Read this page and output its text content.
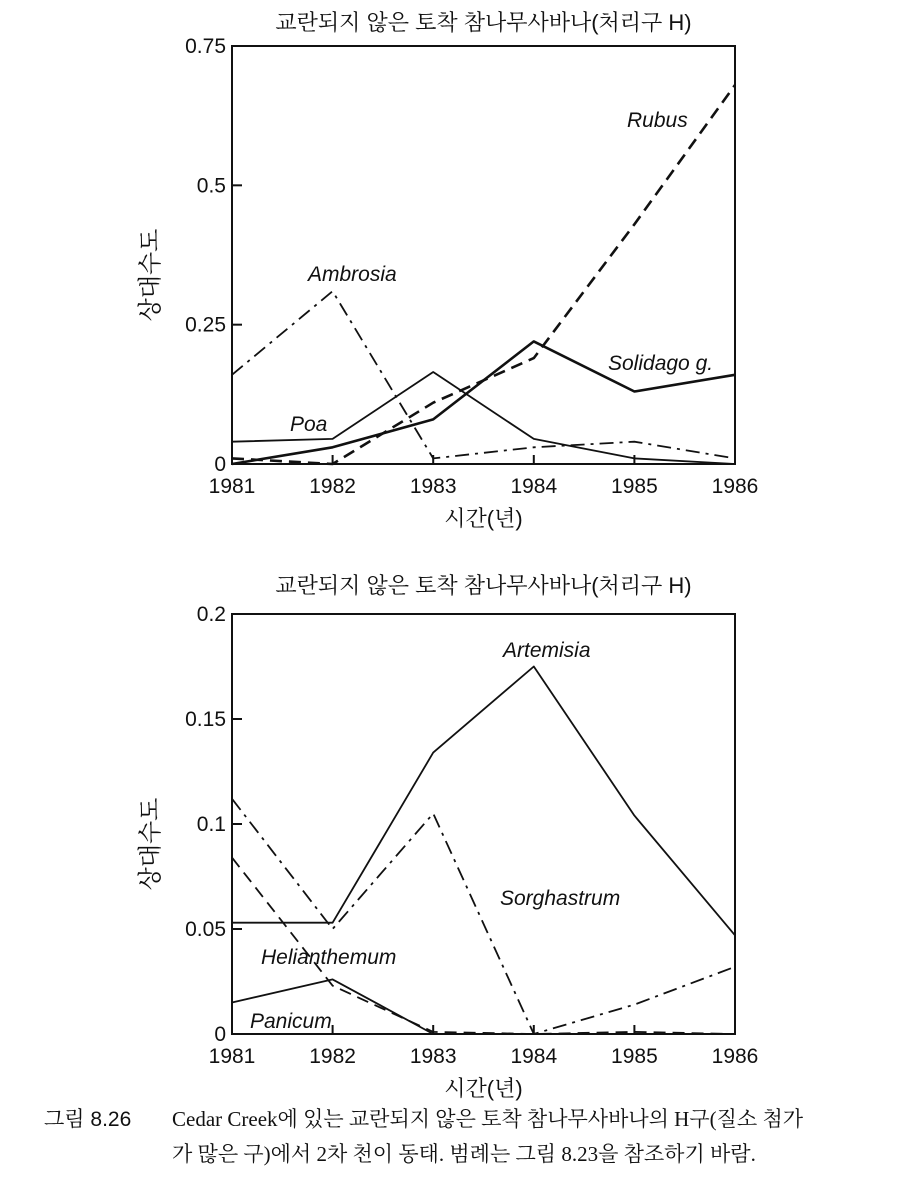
교란되지 않은 토착 참나무사바나(처리구 H)
0
0.25
0.5
0.75
1981	1982	1983	1984	1985	1986
시간(년)
상대수도
Rubus
Ambrosia
Solidago g.
Poa
교란되지 않은 토착 참나무사바나(처리구 H)
0
0.05
0.1
0.15
0.2
1981	1982	1983	1984	1985	1986
시간(년)
상대수도
Artemisia
Sorghastrum
Helianthemum
Panicum
그림 8.26 Cedar Creek에 있는 교란되지 않은 토착 참나무사바나의 H구(질소 첨가
가 많은 구)에서 2차 천이 동태. 범례는 그림 8.23을 참조하기 바람.
